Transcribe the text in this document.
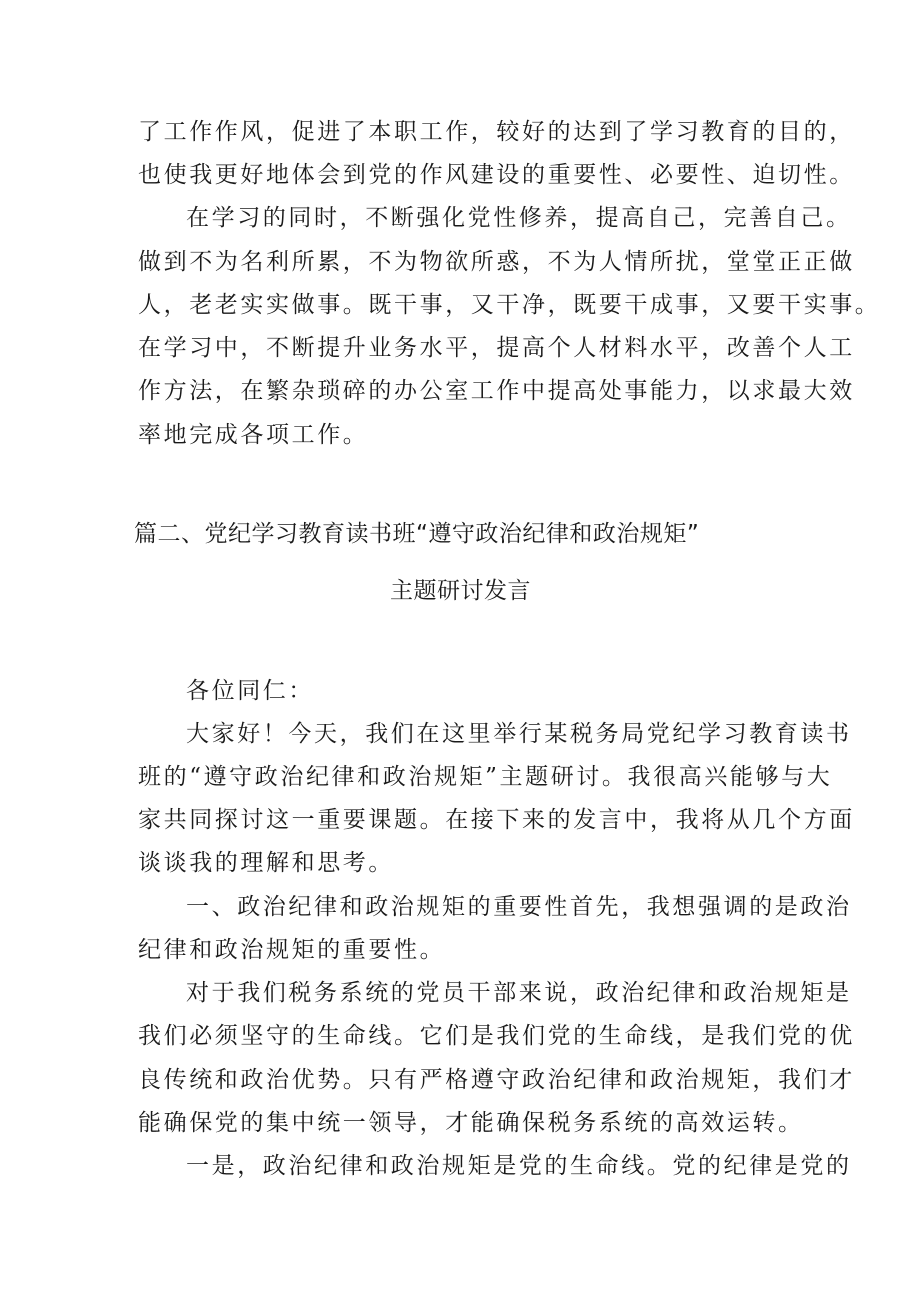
了工作作风，促进了本职工作，较好的达到了学习教育的目的，
也使我更好地体会到党的作风建设的重要性、必要性、迫切性。
在学习的同时，不断强化党性修养，提高自己，完善自己。
做到不为名利所累，不为物欲所惑，不为人情所扰，堂堂正正做
人，老老实实做事。既干事，又干净，既要干成事，又要干实事。
在学习中，不断提升业务水平，提高个人材料水平，改善个人工
作方法，在繁杂琐碎的办公室工作中提高处事能力，以求最大效
率地完成各项工作。
篇二、党纪学习教育读书班“遵守政治纪律和政治规矩”
主题研讨发言
各位同仁：
大家好！今天，我们在这里举行某税务局党纪学习教育读书
班的“遵守政治纪律和政治规矩”主题研讨。我很高兴能够与大
家共同探讨这一重要课题。在接下来的发言中，我将从几个方面
谈谈我的理解和思考。
一、政治纪律和政治规矩的重要性首先，我想强调的是政治
纪律和政治规矩的重要性。
对于我们税务系统的党员干部来说，政治纪律和政治规矩是
我们必须坚守的生命线。它们是我们党的生命线，是我们党的优
良传统和政治优势。只有严格遵守政治纪律和政治规矩，我们才
能确保党的集中统一领导，才能确保税务系统的高效运转。
一是，政治纪律和政治规矩是党的生命线。党的纪律是党的
